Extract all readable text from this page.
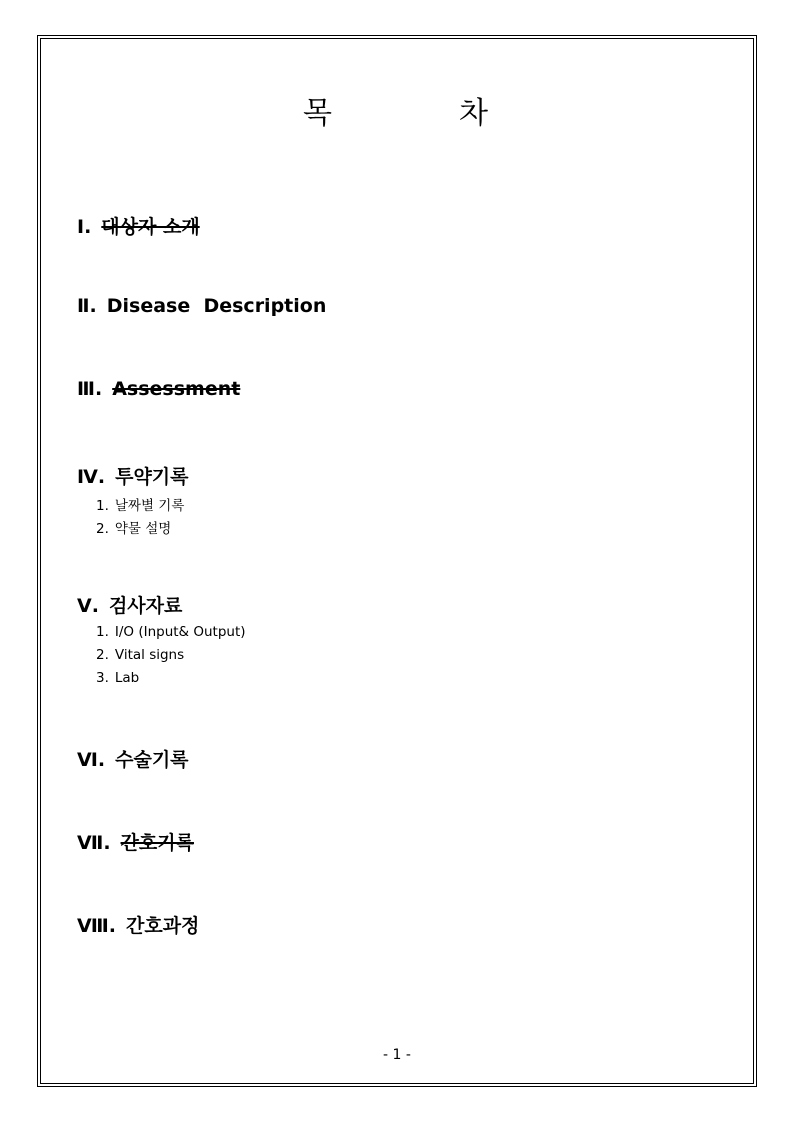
목	차
Ⅰ. 대상자 소개
Ⅱ. Disease  Description
Ⅲ. Assessment
Ⅳ. 투약기록
1. 날짜별 기록
2. 약물 설명
Ⅴ. 검사자료
1. I/O (Input& Output)
2. Vital signs
3. Lab
Ⅵ. 수술기록
Ⅶ. 간호기록
Ⅷ. 간호과정
- 1 -
